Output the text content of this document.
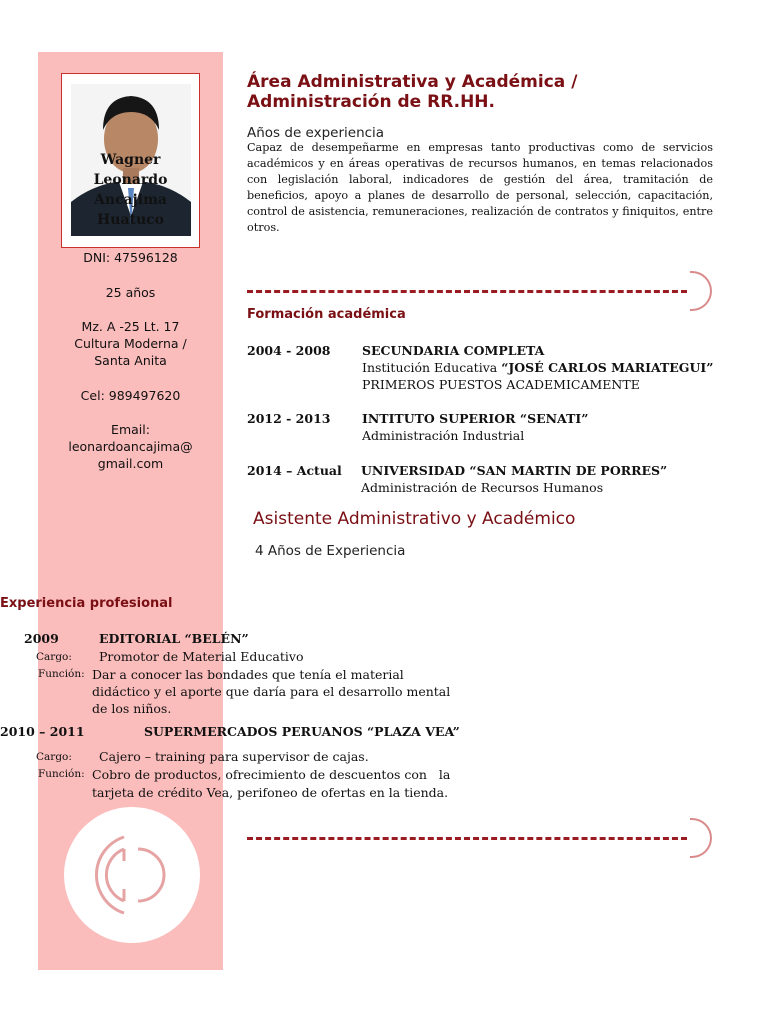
Wagner
Leonardo
Ancajima
Huatuco
DNI: 47596128
25 años
Mz. A -25 Lt. 17
Cultura Moderna /
Santa Anita
Cel: 989497620
Email:
leonardoancajima@
gmail.com
Área Administrativa y Académica /
Administración de RR.HH.
Años de experiencia
Capaz de desempeñarme en empresas tanto productivas como de servicios académicos y en áreas operativas de recursos humanos, en temas relacionados con legislación laboral, indicadores de gestión del área, tramitación de beneficios, apoyo a planes de desarrollo de personal, selección, capacitación, control de asistencia, remuneraciones, realización de contratos y finiquitos, entre otros.
Formación académica
2004 - 2008	SECUNDARIA COMPLETA
Institución Educativa “JOSÉ CARLOS MARIATEGUI”
PRIMEROS PUESTOS ACADEMICAMENTE
2012 - 2013	INTITUTO SUPERIOR “SENATI”
Administración Industrial
2014 – Actual UNIVERSIDAD “SAN MARTIN DE PORRES”
Administración de Recursos Humanos
Asistente Administrativo y Académico
4 Años de Experiencia
Experiencia profesional
2009	EDITORIAL “BELÉN”
Cargo: Promotor de Material Educativo
Función: Dar a conocer las bondades que tenía el material
didáctico y el aporte que daría para el desarrollo mental
de los niños.
2010 – 2011	SUPERMERCADOS PERUANOS “PLAZA VEA”
Cargo: Cajero – training para supervisor de cajas.
Función: Cobro de productos, ofrecimiento de descuentos con   la
tarjeta de crédito Vea, perifoneo de ofertas en la tienda.
